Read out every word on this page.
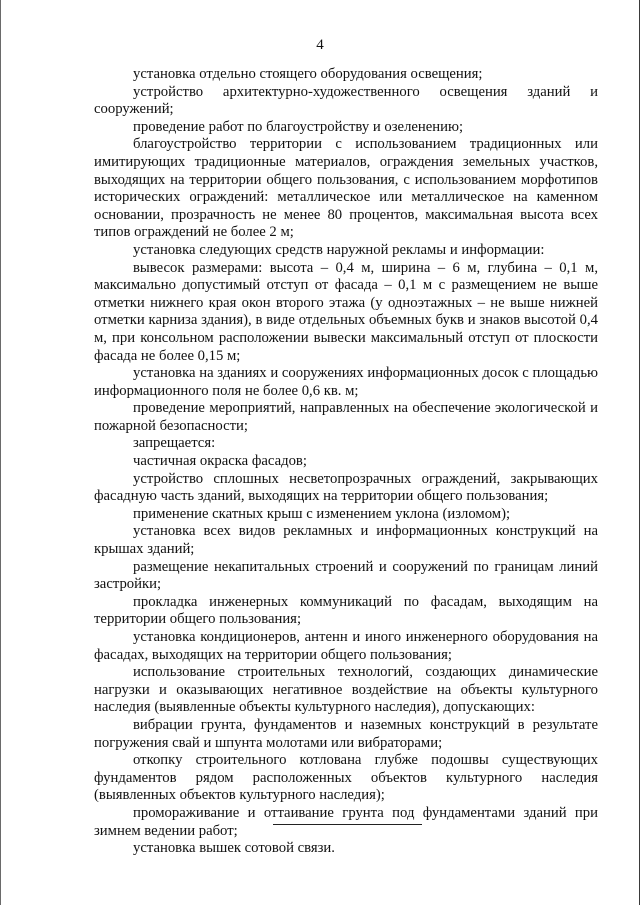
4

установка отдельно стоящего оборудования освещения;

устройство архитектурно-художественного освещения зданий и сооружений;

проведение работ по благоустройству и озеленению;

благоустройство территории с использованием традиционных или имитирующих традиционные материалов, ограждения земельных участков, выходящих на территории общего пользования, с использованием морфотипов исторических ограждений: металлическое или металлическое на каменном основании, прозрачность не менее 80 процентов, максимальная высота всех типов ограждений не более 2 м;

установка следующих средств наружной рекламы и информации:

вывесок размерами: высота – 0,4 м, ширина – 6 м, глубина – 0,1 м, максимально допустимый отступ от фасада – 0,1 м с размещением не выше отметки нижнего края окон второго этажа (у одноэтажных – не выше нижней отметки карниза здания), в виде отдельных объемных букв и знаков высотой 0,4 м, при консольном расположении вывески максимальный отступ от плоскости фасада не более 0,15 м;

установка на зданиях и сооружениях информационных досок с площадью информационного поля не более 0,6 кв. м;

проведение мероприятий, направленных на обеспечение экологической и пожарной безопасности;

запрещается:

частичная окраска фасадов;

устройство сплошных несветопрозрачных ограждений, закрывающих фасадную часть зданий, выходящих на территории общего пользования;

применение скатных крыш с изменением уклона (изломом);

установка всех видов рекламных и информационных конструкций на крышах зданий;

размещение некапитальных строений и сооружений по границам линий застройки;

прокладка инженерных коммуникаций по фасадам, выходящим на территории общего пользования;

установка кондиционеров, антенн и иного инженерного оборудования на фасадах, выходящих на территории общего пользования;

использование строительных технологий, создающих динамические нагрузки и оказывающих негативное воздействие на объекты культурного наследия (выявленные объекты культурного наследия), допускающих:

вибрации грунта, фундаментов и наземных конструкций в результате погружения свай и шпунта молотами или вибраторами;

откопку строительного котлована глубже подошвы существующих фундаментов рядом расположенных объектов культурного наследия (выявленных объектов культурного наследия);

промораживание и оттаивание грунта под фундаментами зданий при зимнем ведении работ;

установка вышек сотовой связи.
